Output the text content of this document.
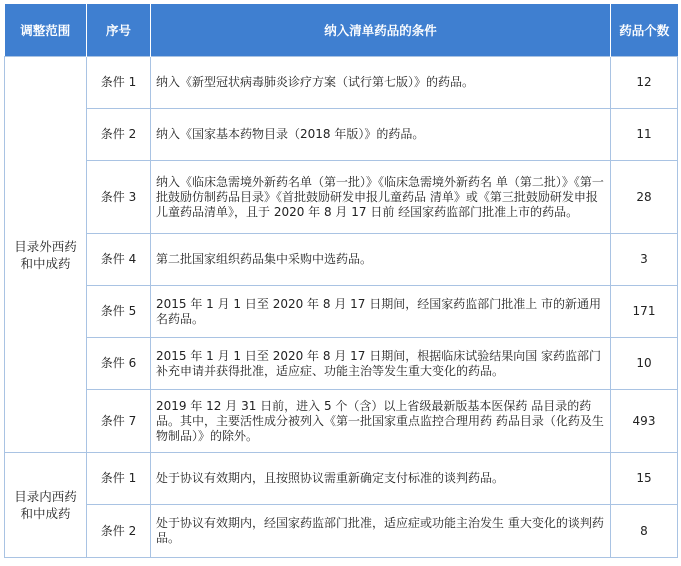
调整范围	序号	纳入清单药品的条件	药品个数
目录外西药和中成药	条件 1	纳入《新型冠状病毒肺炎诊疗方案（试行第七版）》的药品。	12
	条件 2	纳入《国家基本药物目录（2018 年版）》的药品。	11
	条件 3	纳入《临床急需境外新药名单（第一批）》《临床急需境外新药名 单（第二批）》《第一批鼓励仿制药品目录》《首批鼓励研发申报儿童药品 清单》或《第三批鼓励研发申报儿童药品清单》，且于 2020 年 8 月 17 日前 经国家药监部门批准上市的药品。	28
	条件 4	第二批国家组织药品集中采购中选药品。	3
	条件 5	2015 年 1 月 1 日至 2020 年 8 月 17 日期间，经国家药监部门批准上 市的新通用名药品。	171
	条件 6	2015 年 1 月 1 日至 2020 年 8 月 17 日期间，根据临床试验结果向国 家药监部门补充申请并获得批准，适应症、功能主治等发生重大变化的药品。	10
	条件 7	2019 年 12 月 31 日前，进入 5 个（含）以上省级最新版基本医保药 品目录的药品。其中，主要活性成分被列入《第一批国家重点监控合理用药 药品目录（化药及生物制品）》的除外。	493
目录内西药和中成药	条件 1	处于协议有效期内，且按照协议需重新确定支付标准的谈判药品。	15
	条件 2	处于协议有效期内，经国家药监部门批准，适应症或功能主治发生 重大变化的谈判药品。	8
